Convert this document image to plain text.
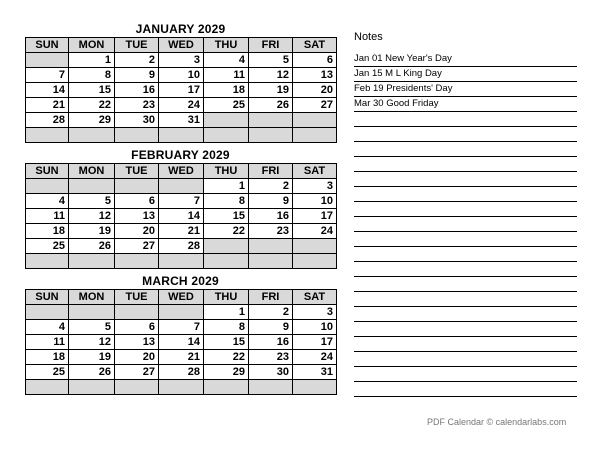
JANUARY 2029
SUN	MON	TUE	WED	THU	FRI	SAT
	1	2	3	4	5	6
7	8	9	10	11	12	13
14	15	16	17	18	19	20
21	22	23	24	25	26	27
28	29	30	31			

FEBRUARY 2029
SUN	MON	TUE	WED	THU	FRI	SAT
				1	2	3
4	5	6	7	8	9	10
11	12	13	14	15	16	17
18	19	20	21	22	23	24
25	26	27	28			

MARCH 2029
SUN	MON	TUE	WED	THU	FRI	SAT
				1	2	3
4	5	6	7	8	9	10
11	12	13	14	15	16	17
18	19	20	21	22	23	24
25	26	27	28	29	30	31

Notes
Jan 01 New Year's Day
Jan 15 M L King Day
Feb 19 Presidents' Day
Mar 30 Good Friday
PDF Calendar © calendarlabs.com
